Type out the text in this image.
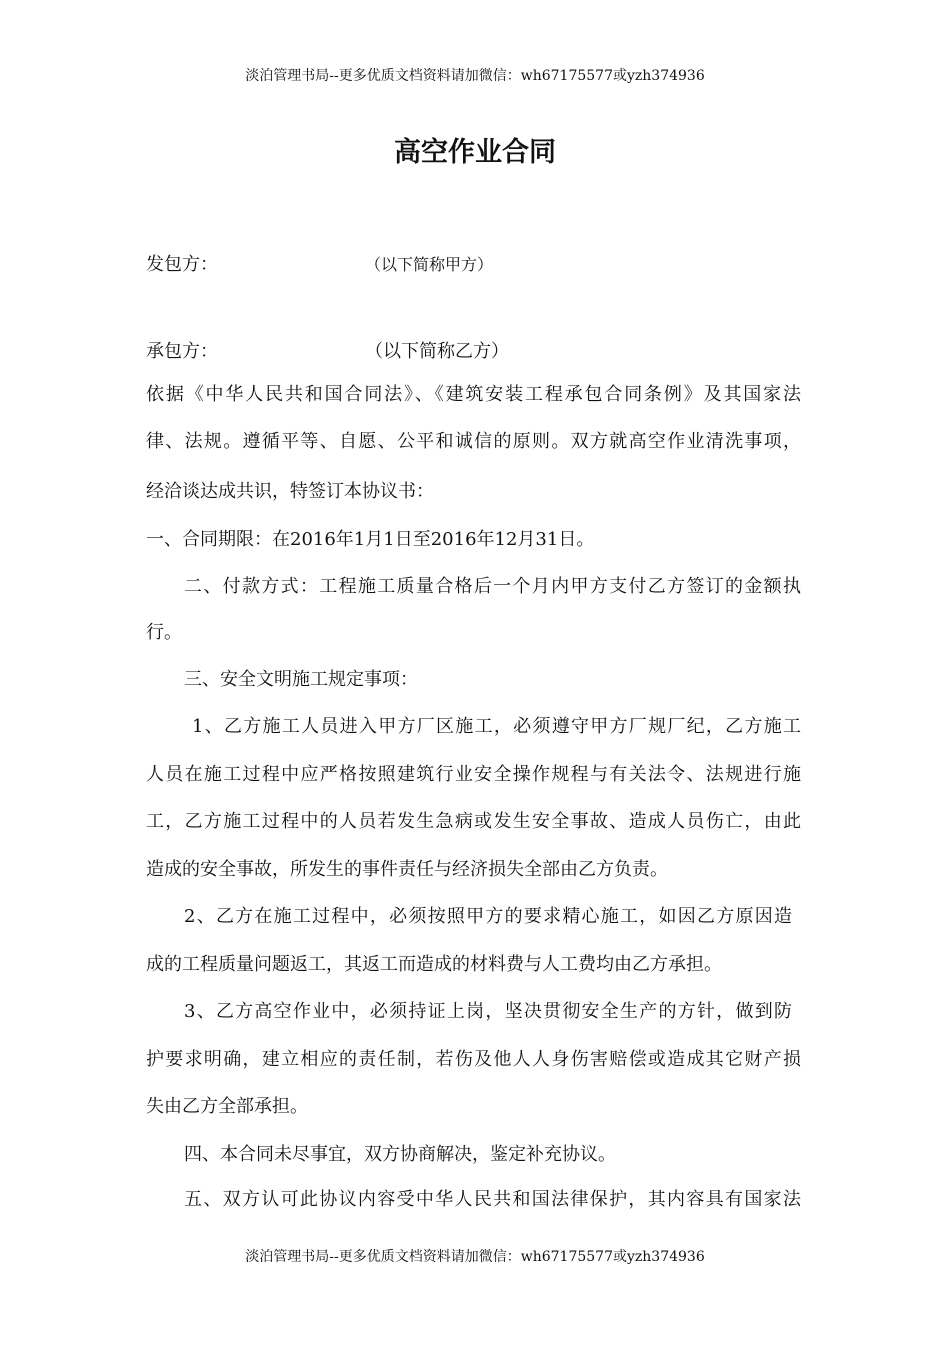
淡泊管理书局--更多优质文档资料请加微信：wh67175577或yzh374936
高空作业合同
发包方：	（以下简称甲方）
承包方：	（以下简称乙方）
依据《中华人民共和国合同法》、《建筑安装工程承包合同条例》及其国家法
律、法规。遵循平等、自愿、公平和诚信的原则。双方就高空作业清洗事项，
经洽谈达成共识，特签订本协议书：
一、合同期限：在2016年1月1日至2016年12月31日。
二、付款方式：工程施工质量合格后一个月内甲方支付乙方签订的金额执
行。
三、安全文明施工规定事项：
1、乙方施工人员进入甲方厂区施工，必须遵守甲方厂规厂纪，乙方施工
人员在施工过程中应严格按照建筑行业安全操作规程与有关法令、法规进行施
工，乙方施工过程中的人员若发生急病或发生安全事故、造成人员伤亡，由此
造成的安全事故，所发生的事件责任与经济损失全部由乙方负责。
2、乙方在施工过程中，必须按照甲方的要求精心施工，如因乙方原因造
成的工程质量问题返工，其返工而造成的材料费与人工费均由乙方承担。
3、乙方高空作业中，必须持证上岗，坚决贯彻安全生产的方针，做到防
护要求明确，建立相应的责任制，若伤及他人人身伤害赔偿或造成其它财产损
失由乙方全部承担。
四、本合同未尽事宜，双方协商解决，鉴定补充协议。
五、双方认可此协议内容受中华人民共和国法律保护，其内容具有国家法
淡泊管理书局--更多优质文档资料请加微信：wh67175577或yzh374936
